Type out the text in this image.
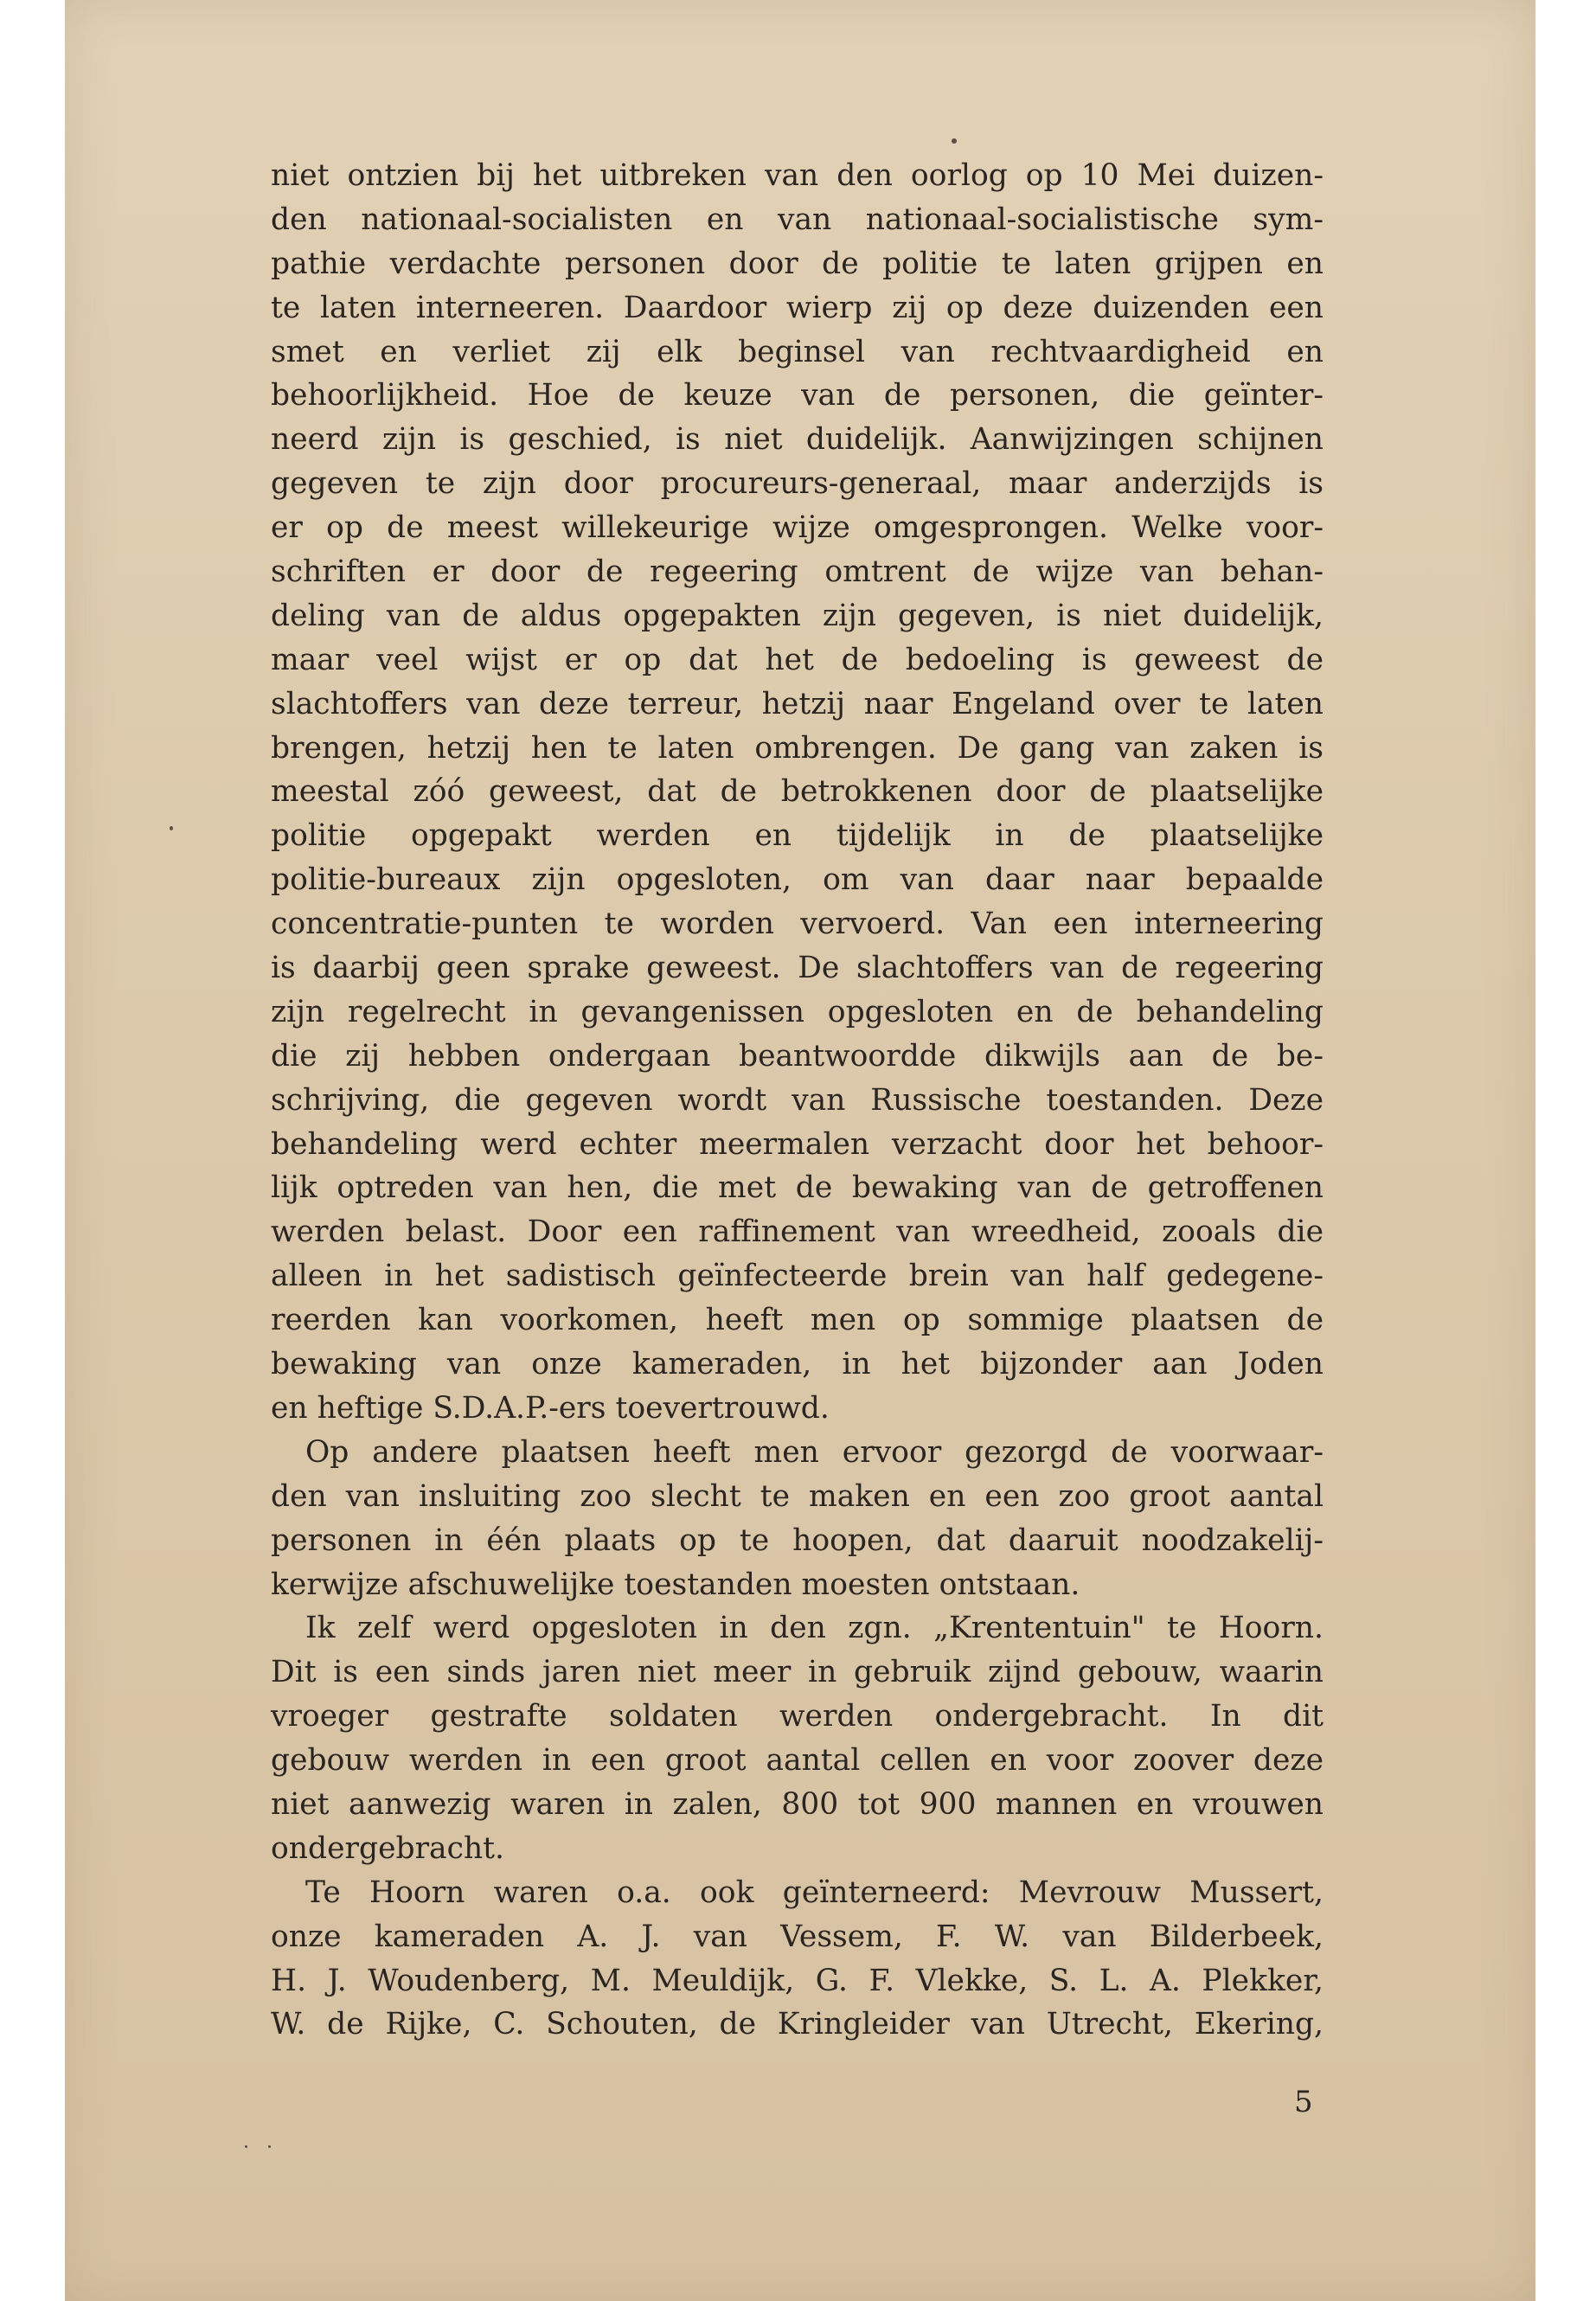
niet ontzien bij het uitbreken van den oorlog op 10 Mei duizen-
den nationaal-socialisten en van nationaal-socialistische sym-
pathie verdachte personen door de politie te laten grijpen en
te laten interneeren. Daardoor wierp zij op deze duizenden een
smet en verliet zij elk beginsel van rechtvaardigheid en
behoorlijkheid. Hoe de keuze van de personen, die geïnter-
neerd zijn is geschied, is niet duidelijk. Aanwijzingen schijnen
gegeven te zijn door procureurs-generaal, maar anderzijds is
er op de meest willekeurige wijze omgesprongen. Welke voor-
schriften er door de regeering omtrent de wijze van behan-
deling van de aldus opgepakten zijn gegeven, is niet duidelijk,
maar veel wijst er op dat het de bedoeling is geweest de
slachtoffers van deze terreur, hetzij naar Engeland over te laten
brengen, hetzij hen te laten ombrengen. De gang van zaken is
meestal zóó geweest, dat de betrokkenen door de plaatselijke
politie opgepakt werden en tijdelijk in de plaatselijke
politie-bureaux zijn opgesloten, om van daar naar bepaalde
concentratie-punten te worden vervoerd. Van een interneering
is daarbij geen sprake geweest. De slachtoffers van de regeering
zijn regelrecht in gevangenissen opgesloten en de behandeling
die zij hebben ondergaan beantwoordde dikwijls aan de be-
schrijving, die gegeven wordt van Russische toestanden. Deze
behandeling werd echter meermalen verzacht door het behoor-
lijk optreden van hen, die met de bewaking van de getroffenen
werden belast. Door een raffinement van wreedheid, zooals die
alleen in het sadistisch geïnfecteerde brein van half gedegene-
reerden kan voorkomen, heeft men op sommige plaatsen de
bewaking van onze kameraden, in het bijzonder aan Joden
en heftige S.D.A.P.-ers toevertrouwd.
Op andere plaatsen heeft men ervoor gezorgd de voorwaar-
den van insluiting zoo slecht te maken en een zoo groot aantal
personen in één plaats op te hoopen, dat daaruit noodzakelij-
kerwijze afschuwelijke toestanden moesten ontstaan.
Ik zelf werd opgesloten in den zgn. „Krententuin" te Hoorn.
Dit is een sinds jaren niet meer in gebruik zijnd gebouw, waarin
vroeger gestrafte soldaten werden ondergebracht. In dit
gebouw werden in een groot aantal cellen en voor zoover deze
niet aanwezig waren in zalen, 800 tot 900 mannen en vrouwen
ondergebracht.
Te Hoorn waren o.a. ook geïnterneerd: Mevrouw Mussert,
onze kameraden A. J. van Vessem, F. W. van Bilderbeek,
H. J. Woudenberg, M. Meuldijk, G. F. Vlekke, S. L. A. Plekker,
W. de Rijke, C. Schouten, de Kringleider van Utrecht, Ekering,
5
